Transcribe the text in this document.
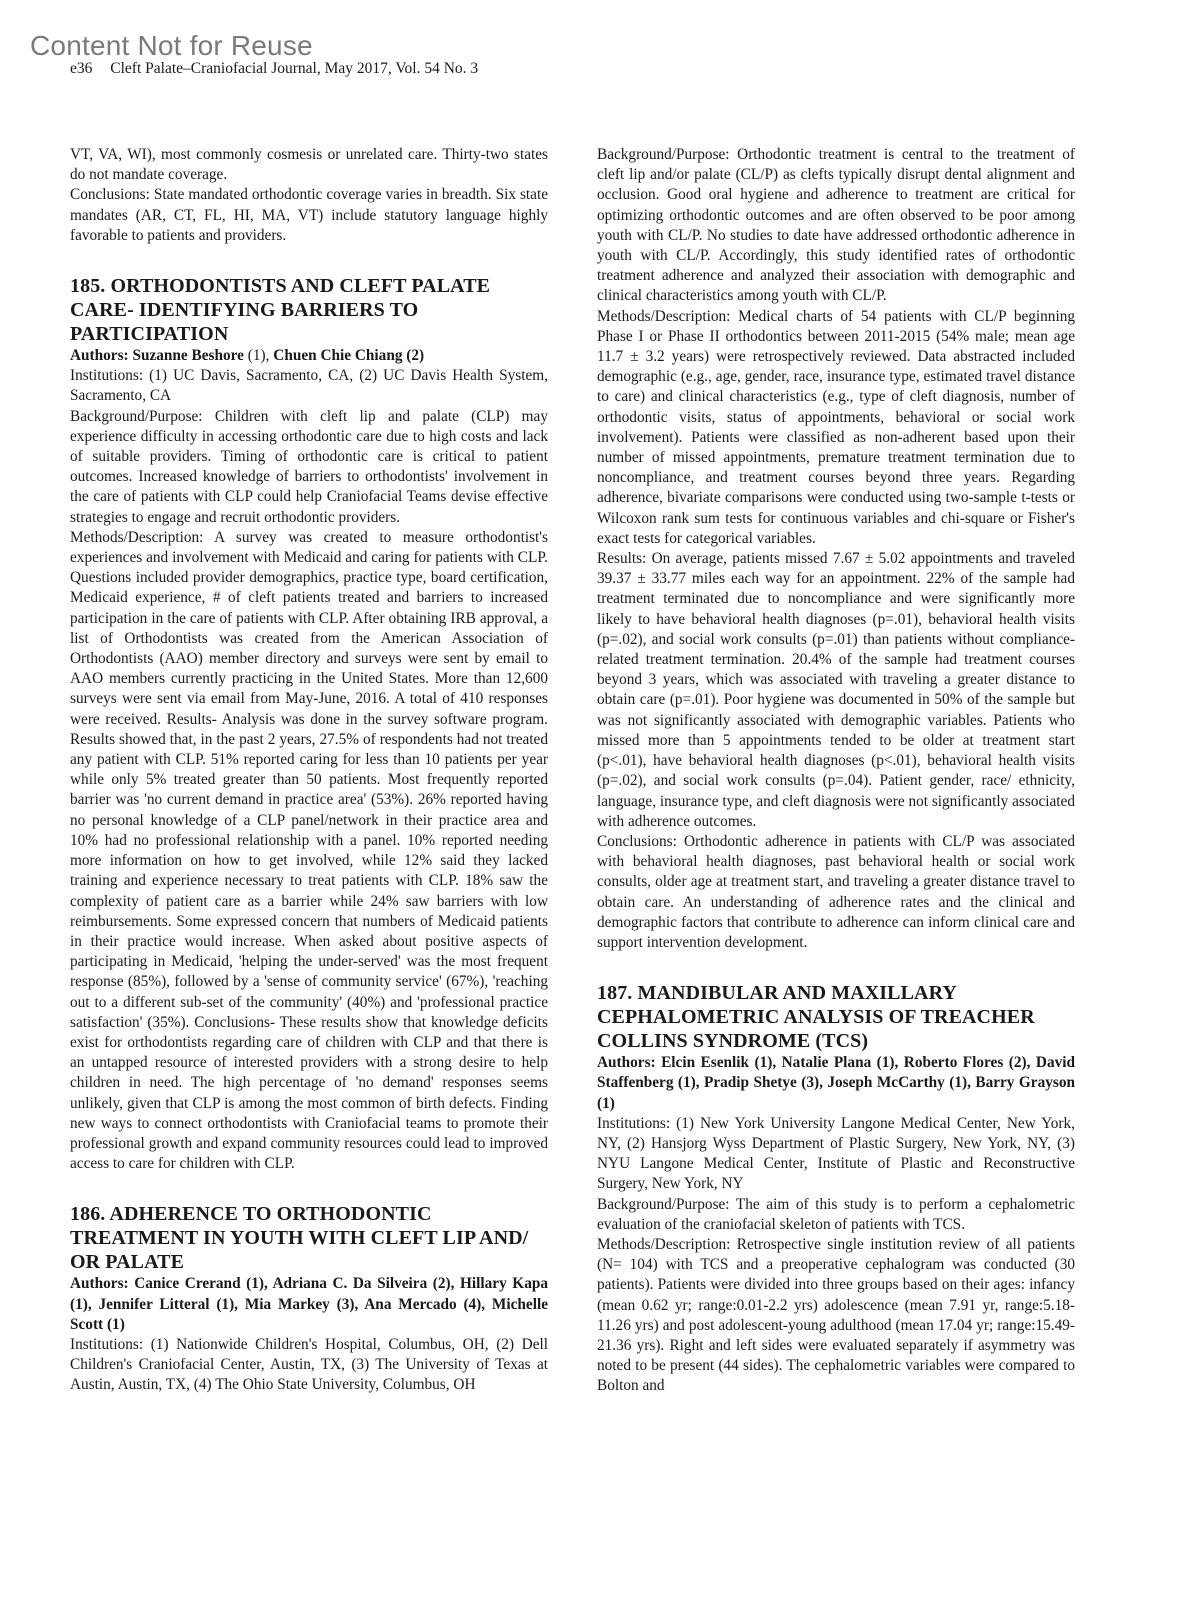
Content Not for Reuse
e36 Cleft Palate–Craniofacial Journal, May 2017, Vol. 54 No. 3

VT, VA, WI), most commonly cosmesis or unrelated care. Thirty-two states do not mandate coverage.

Conclusions: State mandated orthodontic coverage varies in breadth. Six state mandates (AR, CT, FL, HI, MA, VT) include statutory language highly favorable to patients and providers.

185. ORTHODONTISTS AND CLEFT PALATE CARE- IDENTIFYING BARRIERS TO PARTICIPATION

Authors: Suzanne Beshore (1), Chuen Chie Chiang (2)

Institutions: (1) UC Davis, Sacramento, CA, (2) UC Davis Health System, Sacramento, CA

Background/Purpose: Children with cleft lip and palate (CLP) may experience difficulty in accessing orthodontic care due to high costs and lack of suitable providers. Timing of orthodontic care is critical to patient outcomes. Increased knowledge of barriers to orthodontists' involvement in the care of patients with CLP could help Craniofacial Teams devise effective strategies to engage and recruit orthodontic providers.

Methods/Description: A survey was created to measure orthodontist's experiences and involvement with Medicaid and caring for patients with CLP. Questions included provider demographics, practice type, board certification, Medicaid experience, # of cleft patients treated and barriers to increased participation in the care of patients with CLP. After obtaining IRB approval, a list of Orthodontists was created from the American Association of Orthodontists (AAO) member directory and surveys were sent by email to AAO members currently practicing in the United States. More than 12,600 surveys were sent via email from May-June, 2016. A total of 410 responses were received. Results- Analysis was done in the survey software program. Results showed that, in the past 2 years, 27.5% of respondents had not treated any patient with CLP. 51% reported caring for less than 10 patients per year while only 5% treated greater than 50 patients. Most frequently reported barrier was 'no current demand in practice area' (53%). 26% reported having no personal knowledge of a CLP panel/network in their practice area and 10% had no professional relationship with a panel. 10% reported needing more information on how to get involved, while 12% said they lacked training and experience necessary to treat patients with CLP. 18% saw the complexity of patient care as a barrier while 24% saw barriers with low reimbursements. Some expressed concern that numbers of Medicaid patients in their practice would increase. When asked about positive aspects of participating in Medicaid, 'helping the under-served' was the most frequent response (85%), followed by a 'sense of community service' (67%), 'reaching out to a different sub-set of the community' (40%) and 'professional practice satisfaction' (35%). Conclusions- These results show that knowledge deficits exist for orthodontists regarding care of children with CLP and that there is an untapped resource of interested providers with a strong desire to help children in need. The high percentage of 'no demand' responses seems unlikely, given that CLP is among the most common of birth defects. Finding new ways to connect orthodontists with Craniofacial teams to promote their professional growth and expand community resources could lead to improved access to care for children with CLP.

186. ADHERENCE TO ORTHODONTIC TREATMENT IN YOUTH WITH CLEFT LIP AND/ OR PALATE

Authors: Canice Crerand (1), Adriana C. Da Silveira (2), Hillary Kapa (1), Jennifer Litteral (1), Mia Markey (3), Ana Mercado (4), Michelle Scott (1)

Institutions: (1) Nationwide Children's Hospital, Columbus, OH, (2) Dell Children's Craniofacial Center, Austin, TX, (3) The University of Texas at Austin, Austin, TX, (4) The Ohio State University, Columbus, OH

Background/Purpose: Orthodontic treatment is central to the treatment of cleft lip and/or palate (CL/P) as clefts typically disrupt dental alignment and occlusion. Good oral hygiene and adherence to treatment are critical for optimizing orthodontic outcomes and are often observed to be poor among youth with CL/P. No studies to date have addressed orthodontic adherence in youth with CL/P. Accordingly, this study identified rates of orthodontic treatment adherence and analyzed their association with demographic and clinical characteristics among youth with CL/P.

Methods/Description: Medical charts of 54 patients with CL/P beginning Phase I or Phase II orthodontics between 2011-2015 (54% male; mean age 11.7 ± 3.2 years) were retrospectively reviewed. Data abstracted included demographic (e.g., age, gender, race, insurance type, estimated travel distance to care) and clinical characteristics (e.g., type of cleft diagnosis, number of orthodontic visits, status of appointments, behavioral or social work involvement). Patients were classified as non-adherent based upon their number of missed appointments, premature treatment termination due to noncompliance, and treatment courses beyond three years. Regarding adherence, bivariate comparisons were conducted using two-sample t-tests or Wilcoxon rank sum tests for continuous variables and chi-square or Fisher's exact tests for categorical variables.

Results: On average, patients missed 7.67 ± 5.02 appointments and traveled 39.37 ± 33.77 miles each way for an appointment. 22% of the sample had treatment terminated due to noncompliance and were significantly more likely to have behavioral health diagnoses (p=.01), behavioral health visits (p=.02), and social work consults (p=.01) than patients without compliance-related treatment termination. 20.4% of the sample had treatment courses beyond 3 years, which was associated with traveling a greater distance to obtain care (p=.01). Poor hygiene was documented in 50% of the sample but was not significantly associated with demographic variables. Patients who missed more than 5 appointments tended to be older at treatment start (p<.01), have behavioral health diagnoses (p<.01), behavioral health visits (p=.02), and social work consults (p=.04). Patient gender, race/ ethnicity, language, insurance type, and cleft diagnosis were not significantly associated with adherence outcomes.

Conclusions: Orthodontic adherence in patients with CL/P was associated with behavioral health diagnoses, past behavioral health or social work consults, older age at treatment start, and traveling a greater distance travel to obtain care. An understanding of adherence rates and the clinical and demographic factors that contribute to adherence can inform clinical care and support intervention development.

187. MANDIBULAR AND MAXILLARY CEPHALOMETRIC ANALYSIS OF TREACHER COLLINS SYNDROME (TCS)

Authors: Elcin Esenlik (1), Natalie Plana (1), Roberto Flores (2), David Staffenberg (1), Pradip Shetye (3), Joseph McCarthy (1), Barry Grayson (1)

Institutions: (1) New York University Langone Medical Center, New York, NY, (2) Hansjorg Wyss Department of Plastic Surgery, New York, NY, (3) NYU Langone Medical Center, Institute of Plastic and Reconstructive Surgery, New York, NY

Background/Purpose: The aim of this study is to perform a cephalometric evaluation of the craniofacial skeleton of patients with TCS.

Methods/Description: Retrospective single institution review of all patients (N= 104) with TCS and a preoperative cephalogram was conducted (30 patients). Patients were divided into three groups based on their ages: infancy (mean 0.62 yr; range:0.01-2.2 yrs) adolescence (mean 7.91 yr, range:5.18-11.26 yrs) and post adolescent-young adulthood (mean 17.04 yr; range:15.49-21.36 yrs). Right and left sides were evaluated separately if asymmetry was noted to be present (44 sides). The cephalometric variables were compared to Bolton and
